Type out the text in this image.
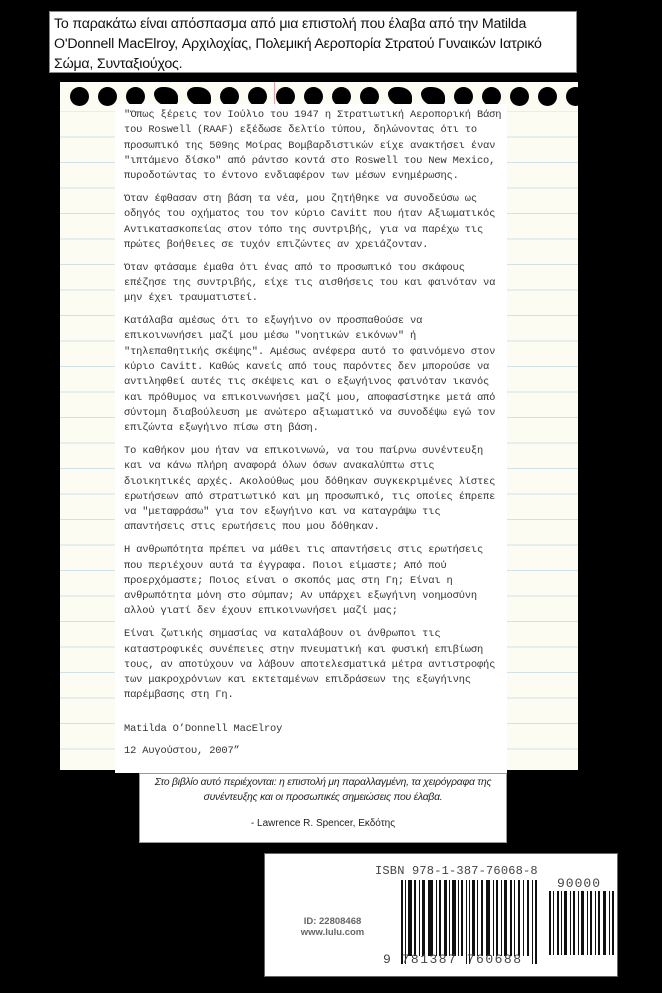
Το παρακάτω είναι απόσπασμα από μια επιστολή που έλαβα από την Matilda O'Donnell MacElroy, Αρχιλοχίας, Πολεμική Αεροπορία Στρατού Γυναικών Ιατρικό Σώμα, Συνταξιούχος.

"Όπως ξέρεις τον Ιούλιο του 1947 η Στρατιωτική Αεροπορική Βάση του Roswell (RAAF) εξέδωσε δελτίο τύπου, δηλώνοντας ότι το προσωπικό της 509ης Μοίρας Βομβαρδιστικών είχε ανακτήσει έναν "ιπτάμενο δίσκο" από ράντσο κοντά στο Roswell του New Mexico, πυροδοτώντας το έντονο ενδιαφέρον των μέσων ενημέρωσης.

Όταν έφθασαν στη βάση τα νέα, μου ζητήθηκε να συνοδεύσω ως οδηγός του οχήματος του τον κύριο Cavitt που ήταν Αξιωματικός Αντικατασκοπείας στον τόπο της συντριβής, για να παρέχω τις πρώτες βοήθειες σε τυχόν επιζώντες αν χρειάζονταν.

Όταν φτάσαμε έμαθα ότι ένας από το προσωπικό του σκάφους επέζησε της συντριβής, είχε τις αισθήσεις του και φαινόταν να μην έχει τραυματιστεί.

Κατάλαβα αμέσως ότι το εξωγήινο ον προσπαθούσε να επικοινωνήσει μαζί μου μέσω "νοητικών εικόνων" ή "τηλεπαθητικής σκέψης". Αμέσως ανέφερα αυτό το φαινόμενο στον κύριο Cavitt. Καθώς κανείς από τους παρόντες δεν μπορούσε να αντιληφθεί αυτές τις σκέψεις και ο εξωγήινος φαινόταν ικανός και πρόθυμος να επικοινωνήσει μαζί μου, αποφασίστηκε μετά από σύντομη διαβούλευση με ανώτερο αξιωματικό να συνοδέψω εγώ τον επιζώντα εξωγήινο πίσω στη βάση.

Το καθήκον μου ήταν να επικοινωνώ, να του παίρνω συνέντευξη και να κάνω πλήρη αναφορά όλων όσων ανακαλύπτω στις διοικητικές αρχές. Ακολούθως μου δόθηκαν συγκεκριμένες λίστες ερωτήσεων από στρατιωτικό και μη προσωπικό, τις οποίες έπρεπε να "μεταφράσω" για τον εξωγήινο και να καταγράψω τις απαντήσεις στις ερωτήσεις που μου δόθηκαν.

Η ανθρωπότητα πρέπει να μάθει τις απαντήσεις στις ερωτήσεις που περιέχουν αυτά τα έγγραφα. Ποιοι είμαστε; Από πού προερχόμαστε; Ποιος είναι ο σκοπός μας στη Γη; Είναι η ανθρωπότητα μόνη στο σύμπαν; Αν υπάρχει εξωγήινη νοημοσύνη αλλού γιατί δεν έχουν επικοινωνήσει μαζί μας;

Είναι ζωτικής σημασίας να καταλάβουν οι άνθρωποι τις καταστροφικές συνέπειες στην πνευματική και φυσική επιβίωση τους, αν αποτύχουν να λάβουν αποτελεσματικά μέτρα αντιστροφής των μακροχρόνιων και εκτεταμένων επιδράσεων της εξωγήινης παρέμβασης στη Γη.

Matilda O’Donnell MacElroy

12 Αυγούστου, 2007”

Στο βιβλίο αυτό περιέχονται: η επιστολή μη παραλλαγμένη, τα χειρόγραφα της συνέντευξης και οι προσωπικές σημειώσεις που έλαβα.
- Lawrence R. Spencer, Εκδότης
ID: 22808468
www.lulu.com
ISBN 978-1-387-76068-8
90000
9 781387 760688
